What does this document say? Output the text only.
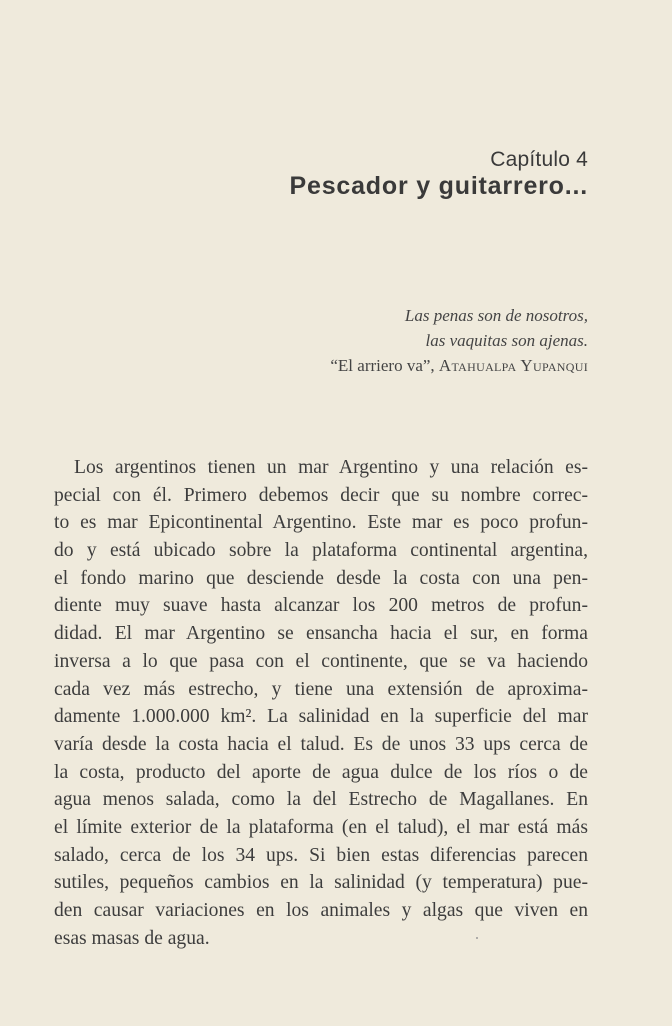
Capítulo 4
Pescador y guitarrero...
Las penas son de nosotros,
las vaquitas son ajenas.
“El arriero va”, Atahualpa Yupanqui
Los argentinos tienen un mar Argentino y una relación es-
pecial con él. Primero debemos decir que su nombre correc-
to es mar Epicontinental Argentino. Este mar es poco profun-
do y está ubicado sobre la plataforma continental argentina,
el fondo marino que desciende desde la costa con una pen-
diente muy suave hasta alcanzar los 200 metros de profun-
didad. El mar Argentino se ensancha hacia el sur, en forma
inversa a lo que pasa con el continente, que se va haciendo
cada vez más estrecho, y tiene una extensión de aproxima-
damente 1.000.000 km². La salinidad en la superficie del mar
varía desde la costa hacia el talud. Es de unos 33 ups cerca de
la costa, producto del aporte de agua dulce de los ríos o de
agua menos salada, como la del Estrecho de Magallanes. En
el límite exterior de la plataforma (en el talud), el mar está más
salado, cerca de los 34 ups. Si bien estas diferencias parecen
sutiles, pequeños cambios en la salinidad (y temperatura) pue-
den causar variaciones en los animales y algas que viven en
esas masas de agua.
